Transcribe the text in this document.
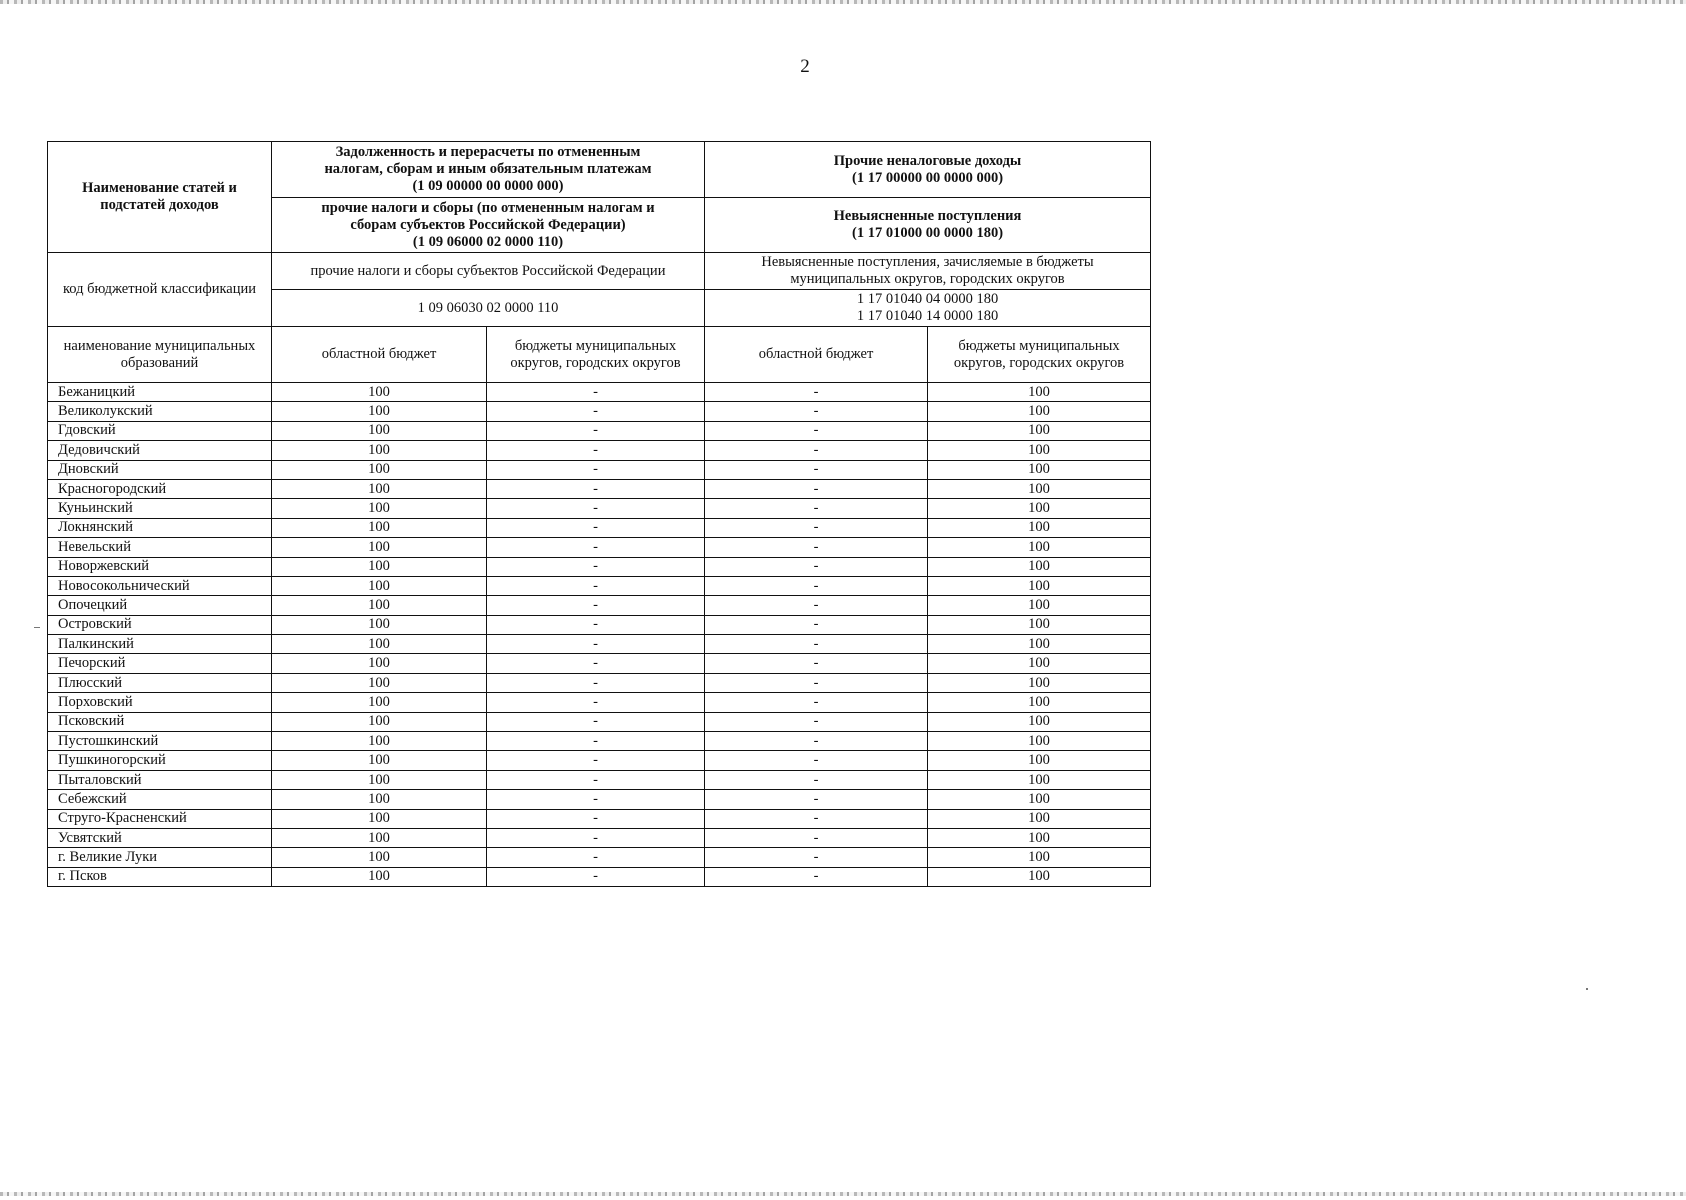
2
Наименование статей и подстатей доходов	Задолженность и перерасчеты по отмененным
налогам, сборам и иным обязательным платежам
(1 09 00000 00 0000 000)		Прочие неналоговые доходы
(1 17 00000 00 0000 000)	

	прочие налоги и сборы (по отмененным налогам и
сборам субъектов Российской Федерации)
(1 09 06000 02 0000 110)		Невыясненные поступления
(1 17 01000 00 0000 180)	

код бюджетной классификации	прочие налоги и сборы субъектов Российской Федерации		Невыясненные поступления, зачисляемые в бюджеты
муниципальных округов, городских округов	

	1 09 06030 02 0000 110		1 17 01040 04 0000 180
1 17 01040 14 0000 180	

наименование муниципальных образований	областной бюджет	бюджеты муниципальных округов, городских округов	областной бюджет	бюджеты муниципальных округов, городских округов
Бежаницкий	100	-	-	100
Великолукский	100	-	-	100
Гдовский	100	-	-	100
Дедовичский	100	-	-	100
Дновский	100	-	-	100
Красногородский	100	-	-	100
Куньинский	100	-	-	100
Локнянский	100	-	-	100
Невельский	100	-	-	100
Новоржевский	100	-	-	100
Новосокольнический	100	-	-	100
Опочецкий	100	-	-	100
Островский	100	-	-	100
Палкинский	100	-	-	100
Печорский	100	-	-	100
Плюсский	100	-	-	100
Порховский	100	-	-	100
Псковский	100	-	-	100
Пустошкинский	100	-	-	100
Пушкиногорский	100	-	-	100
Пыталовский	100	-	-	100
Себежский	100	-	-	100
Струго-Красненский	100	-	-	100
Усвятский	100	-	-	100
г. Великие Луки	100	-	-	100
г. Псков	100	-	-	100
